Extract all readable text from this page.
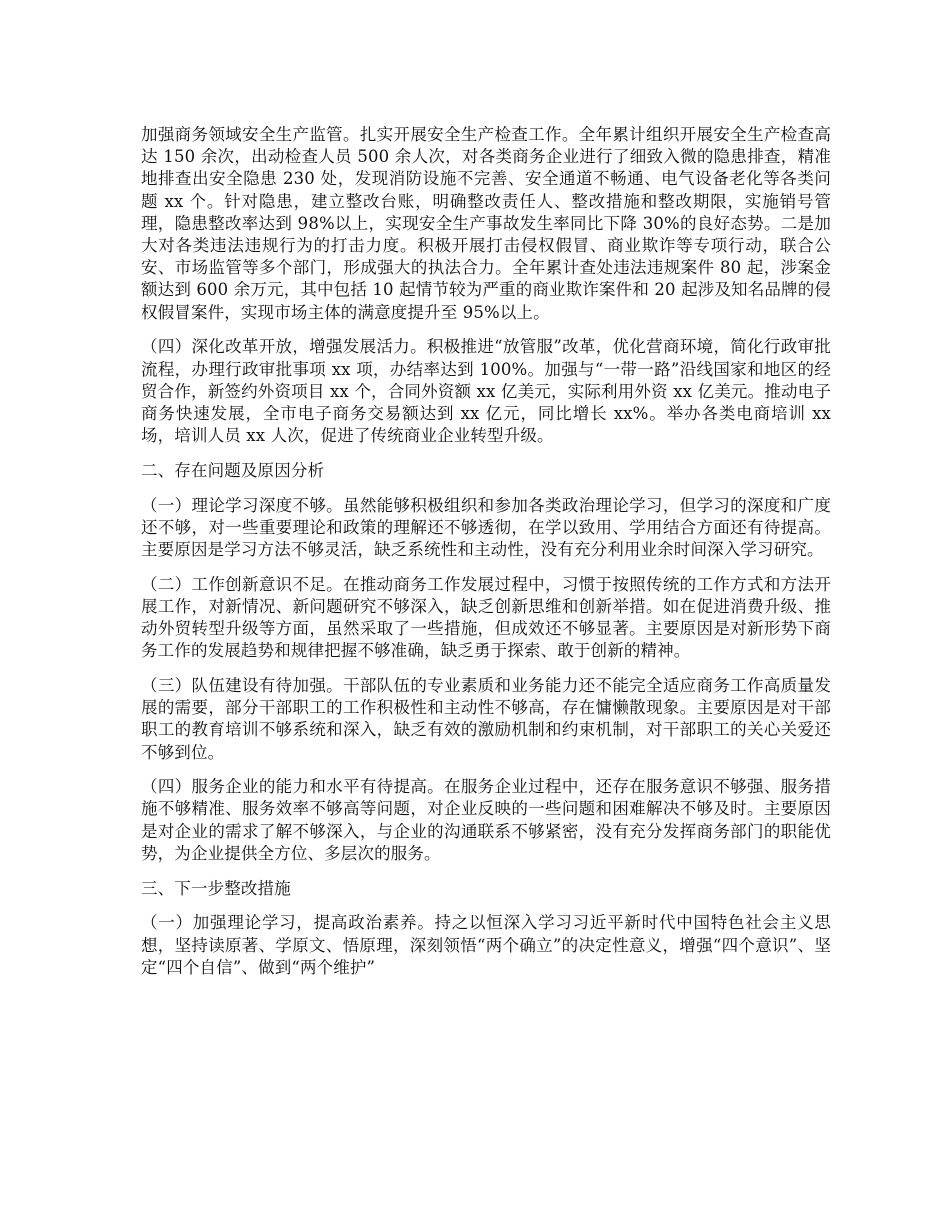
加强商务领域安全生产监管。扎实开展安全生产检查工作。全年累计组织开展安全生产检查高达 150 余次，出动检查人员 500 余人次，对各类商务企业进行了细致入微的隐患排查，精准地排查出安全隐患 230 处，发现消防设施不完善、安全通道不畅通、电气设备老化等各类问题 xx 个。针对隐患，建立整改台账，明确整改责任人、整改措施和整改期限，实施销号管理，隐患整改率达到 98%以上，实现安全生产事故发生率同比下降 30%的良好态势。二是加大对各类违法违规行为的打击力度。积极开展打击侵权假冒、商业欺诈等专项行动，联合公安、市场监管等多个部门，形成强大的执法合力。全年累计查处违法违规案件 80 起，涉案金额达到 600 余万元，其中包括 10 起情节较为严重的商业欺诈案件和 20 起涉及知名品牌的侵权假冒案件，实现市场主体的满意度提升至 95%以上。

（四）深化改革开放，增强发展活力。积极推进“放管服”改革，优化营商环境，简化行政审批流程，办理行政审批事项 xx 项，办结率达到 100%。加强与“一带一路”沿线国家和地区的经贸合作，新签约外资项目 xx 个，合同外资额 xx 亿美元，实际利用外资 xx 亿美元。推动电子商务快速发展，全市电子商务交易额达到 xx 亿元，同比增长 xx%。举办各类电商培训 xx 场，培训人员 xx 人次，促进了传统商业企业转型升级。

二、存在问题及原因分析

（一）理论学习深度不够。虽然能够积极组织和参加各类政治理论学习，但学习的深度和广度还不够，对一些重要理论和政策的理解还不够透彻，在学以致用、学用结合方面还有待提高。主要原因是学习方法不够灵活，缺乏系统性和主动性，没有充分利用业余时间深入学习研究。

（二）工作创新意识不足。在推动商务工作发展过程中，习惯于按照传统的工作方式和方法开展工作，对新情况、新问题研究不够深入，缺乏创新思维和创新举措。如在促进消费升级、推动外贸转型升级等方面，虽然采取了一些措施，但成效还不够显著。主要原因是对新形势下商务工作的发展趋势和规律把握不够准确，缺乏勇于探索、敢于创新的精神。

（三）队伍建设有待加强。干部队伍的专业素质和业务能力还不能完全适应商务工作高质量发展的需要，部分干部职工的工作积极性和主动性不够高，存在慵懒散现象。主要原因是对干部职工的教育培训不够系统和深入，缺乏有效的激励机制和约束机制，对干部职工的关心关爱还不够到位。

（四）服务企业的能力和水平有待提高。在服务企业过程中，还存在服务意识不够强、服务措施不够精准、服务效率不够高等问题，对企业反映的一些问题和困难解决不够及时。主要原因是对企业的需求了解不够深入，与企业的沟通联系不够紧密，没有充分发挥商务部门的职能优势，为企业提供全方位、多层次的服务。

三、下一步整改措施

（一）加强理论学习，提高政治素养。持之以恒深入学习习近平新时代中国特色社会主义思想，坚持读原著、学原文、悟原理，深刻领悟“两个确立”的决定性意义，增强“四个意识”、坚定“四个自信”、做到“两个维护”
